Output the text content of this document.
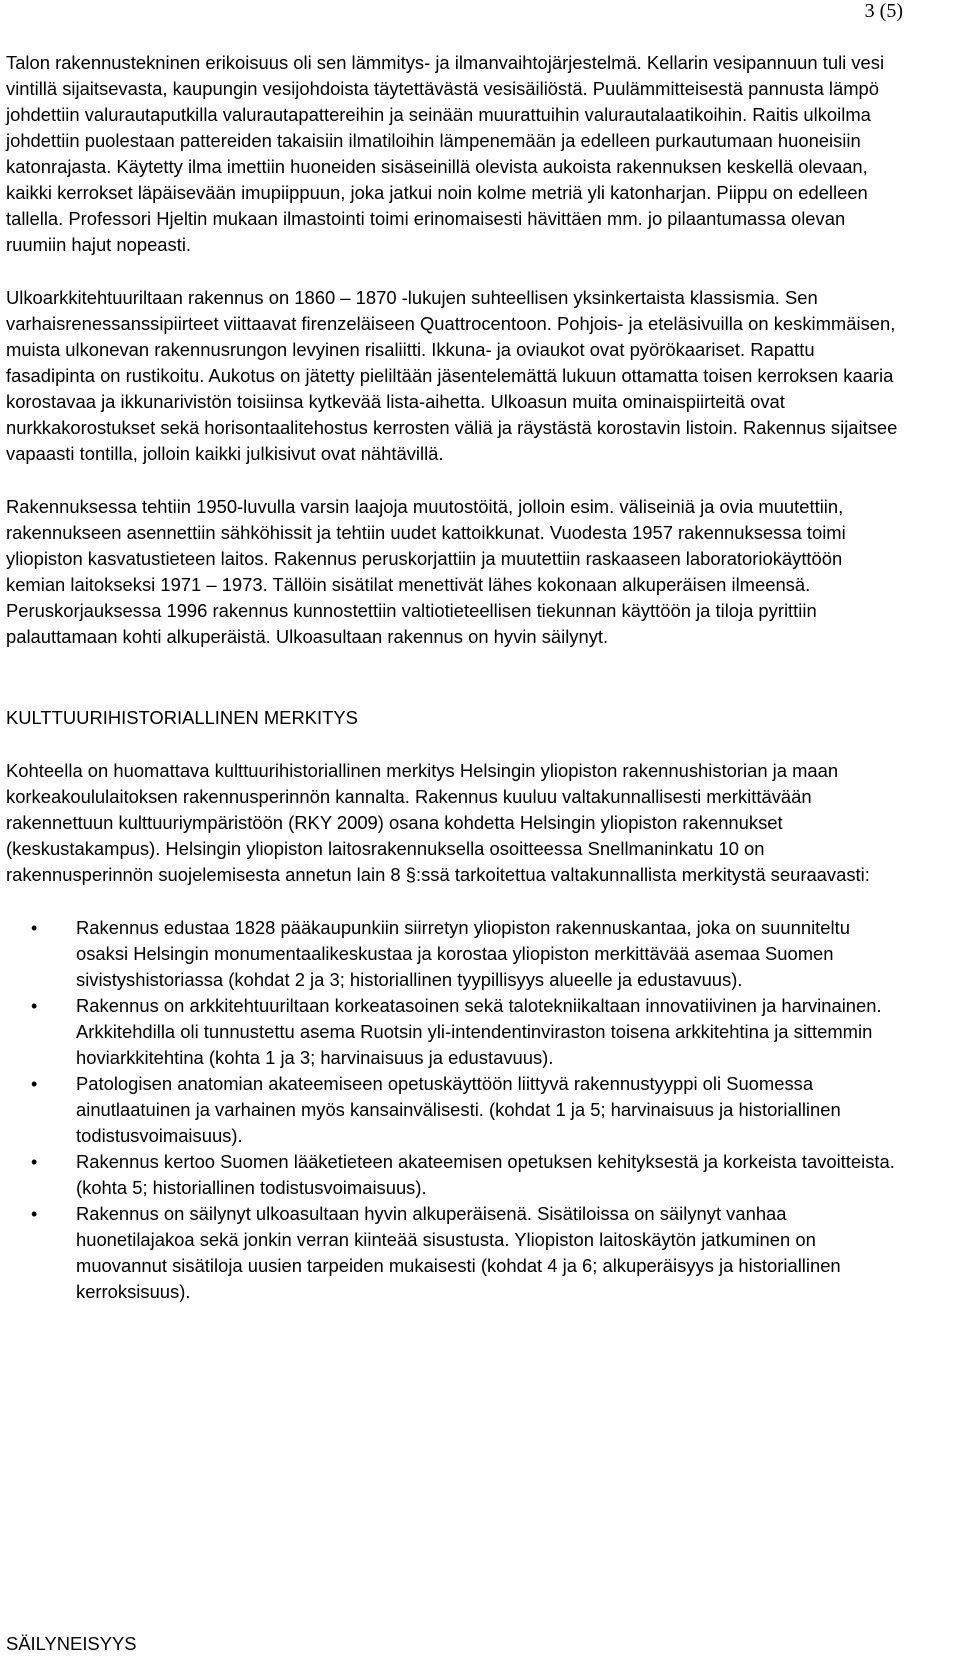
3 (5)

Talon rakennustekninen erikoisuus oli sen lämmitys- ja ilmanvaihtojärjestelmä. Kellarin vesipannuun tuli vesi vintillä sijaitsevasta, kaupungin vesijohdoista täytettävästä vesisäiliöstä. Puulämmitteisestä pannusta lämpö johdettiin valurautaputkilla valurautapattereihin ja seinään muurattuihin valurautalaatikoihin. Raitis ulkoilma johdettiin puolestaan pattereiden takaisiin ilmatiloihin lämpenemään ja edelleen purkautumaan huoneisiin katonrajasta. Käytetty ilma imettiin huoneiden sisäseinillä olevista aukoista rakennuksen keskellä olevaan, kaikki kerrokset läpäisevään imupiippuun, joka jatkui noin kolme metriä yli katonharjan. Piippu on edelleen tallella. Professori Hjeltin mukaan ilmastointi toimi erinomaisesti hävittäen mm. jo pilaantumassa olevan ruumiin hajut nopeasti.

Ulkoarkkitehtuuriltaan rakennus on 1860 – 1870 -lukujen suhteellisen yksinkertaista klassismia. Sen varhaisrenessanssipiirteet viittaavat firenzeläiseen Quattrocentoon. Pohjois- ja eteläsivuilla on keskimmäisen, muista ulkonevan rakennusrungon levyinen risaliitti. Ikkuna- ja oviaukot ovat pyörökaariset. Rapattu fasadipinta on rustikoitu. Aukotus on jätetty pieliltään jäsentelemättä lukuun ottamatta toisen kerroksen kaaria korostavaa ja ikkunarivistön toisiinsa kytkevää lista-aihetta. Ulkoasun muita ominaispiirteitä ovat nurkkakorostukset sekä horisontaalitehostus kerrosten väliä ja räystästä korostavin listoin. Rakennus sijaitsee vapaasti tontilla, jolloin kaikki julkisivut ovat nähtävillä.

Rakennuksessa tehtiin 1950-luvulla varsin laajoja muutostöitä, jolloin esim. väliseiniä ja ovia muutettiin, rakennukseen asennettiin sähköhissit ja tehtiin uudet kattoikkunat. Vuodesta 1957 rakennuksessa toimi yliopiston kasvatustieteen laitos. Rakennus peruskorjattiin ja muutettiin raskaaseen laboratoriokäyttöön kemian laitokseksi 1971 – 1973. Tällöin sisätilat menettivät lähes kokonaan alkuperäisen ilmeensä. Peruskorjauksessa 1996 rakennus kunnostettiin valtiotieteellisen tiekunnan käyttöön ja tiloja pyrittiin palauttamaan kohti alkuperäistä. Ulkoasultaan rakennus on hyvin säilynyt.

KULTTUURIHISTORIALLINEN MERKITYS

Kohteella on huomattava kulttuurihistoriallinen merkitys Helsingin yliopiston rakennushistorian ja maan korkeakoululaitoksen rakennusperinnön kannalta. Rakennus kuuluu valtakunnallisesti merkittävään rakennettuun kulttuuriympäristöön (RKY 2009) osana kohdetta Helsingin yliopiston rakennukset (keskustakampus). Helsingin yliopiston laitosrakennuksella osoitteessa Snellmaninkatu 10 on rakennusperinnön suojelemisesta annetun lain 8 §:ssä tarkoitettua valtakunnallista merkitystä seuraavasti:

• Rakennus edustaa 1828 pääkaupunkiin siirretyn yliopiston rakennuskantaa, joka on suunniteltu osaksi Helsingin monumentaalikeskustaa ja korostaa yliopiston merkittävää asemaa Suomen sivistyshistoriassa (kohdat 2 ja 3; historiallinen tyypillisyys alueelle ja edustavuus).
• Rakennus on arkkitehtuuriltaan korkeatasoinen sekä talotekniikaltaan innovatiivinen ja harvinainen. Arkkitehdilla oli tunnustettu asema Ruotsin yli-intendentinviraston toisena arkkitehtina ja sittemmin hoviarkkitehtina (kohta 1 ja 3; harvinaisuus ja edustavuus).
• Patologisen anatomian akateemiseen opetuskäyttöön liittyvä rakennustyyppi oli Suomessa ainutlaatuinen ja varhainen myös kansainvälisesti. (kohdat 1 ja 5; harvinaisuus ja historiallinen todistusvoimaisuus).
• Rakennus kertoo Suomen lääketieteen akateemisen opetuksen kehityksestä ja korkeista tavoitteista. (kohta 5; historiallinen todistusvoimaisuus).
• Rakennus on säilynyt ulkoasultaan hyvin alkuperäisenä. Sisätiloissa on säilynyt vanhaa huonetilajakoa sekä jonkin verran kiinteää sisustusta. Yliopiston laitoskäytön jatkuminen on muovannut sisätiloja uusien tarpeiden mukaisesti (kohdat 4 ja 6; alkuperäisyys ja historiallinen kerroksisuus).
SÄILYNEISYYS
